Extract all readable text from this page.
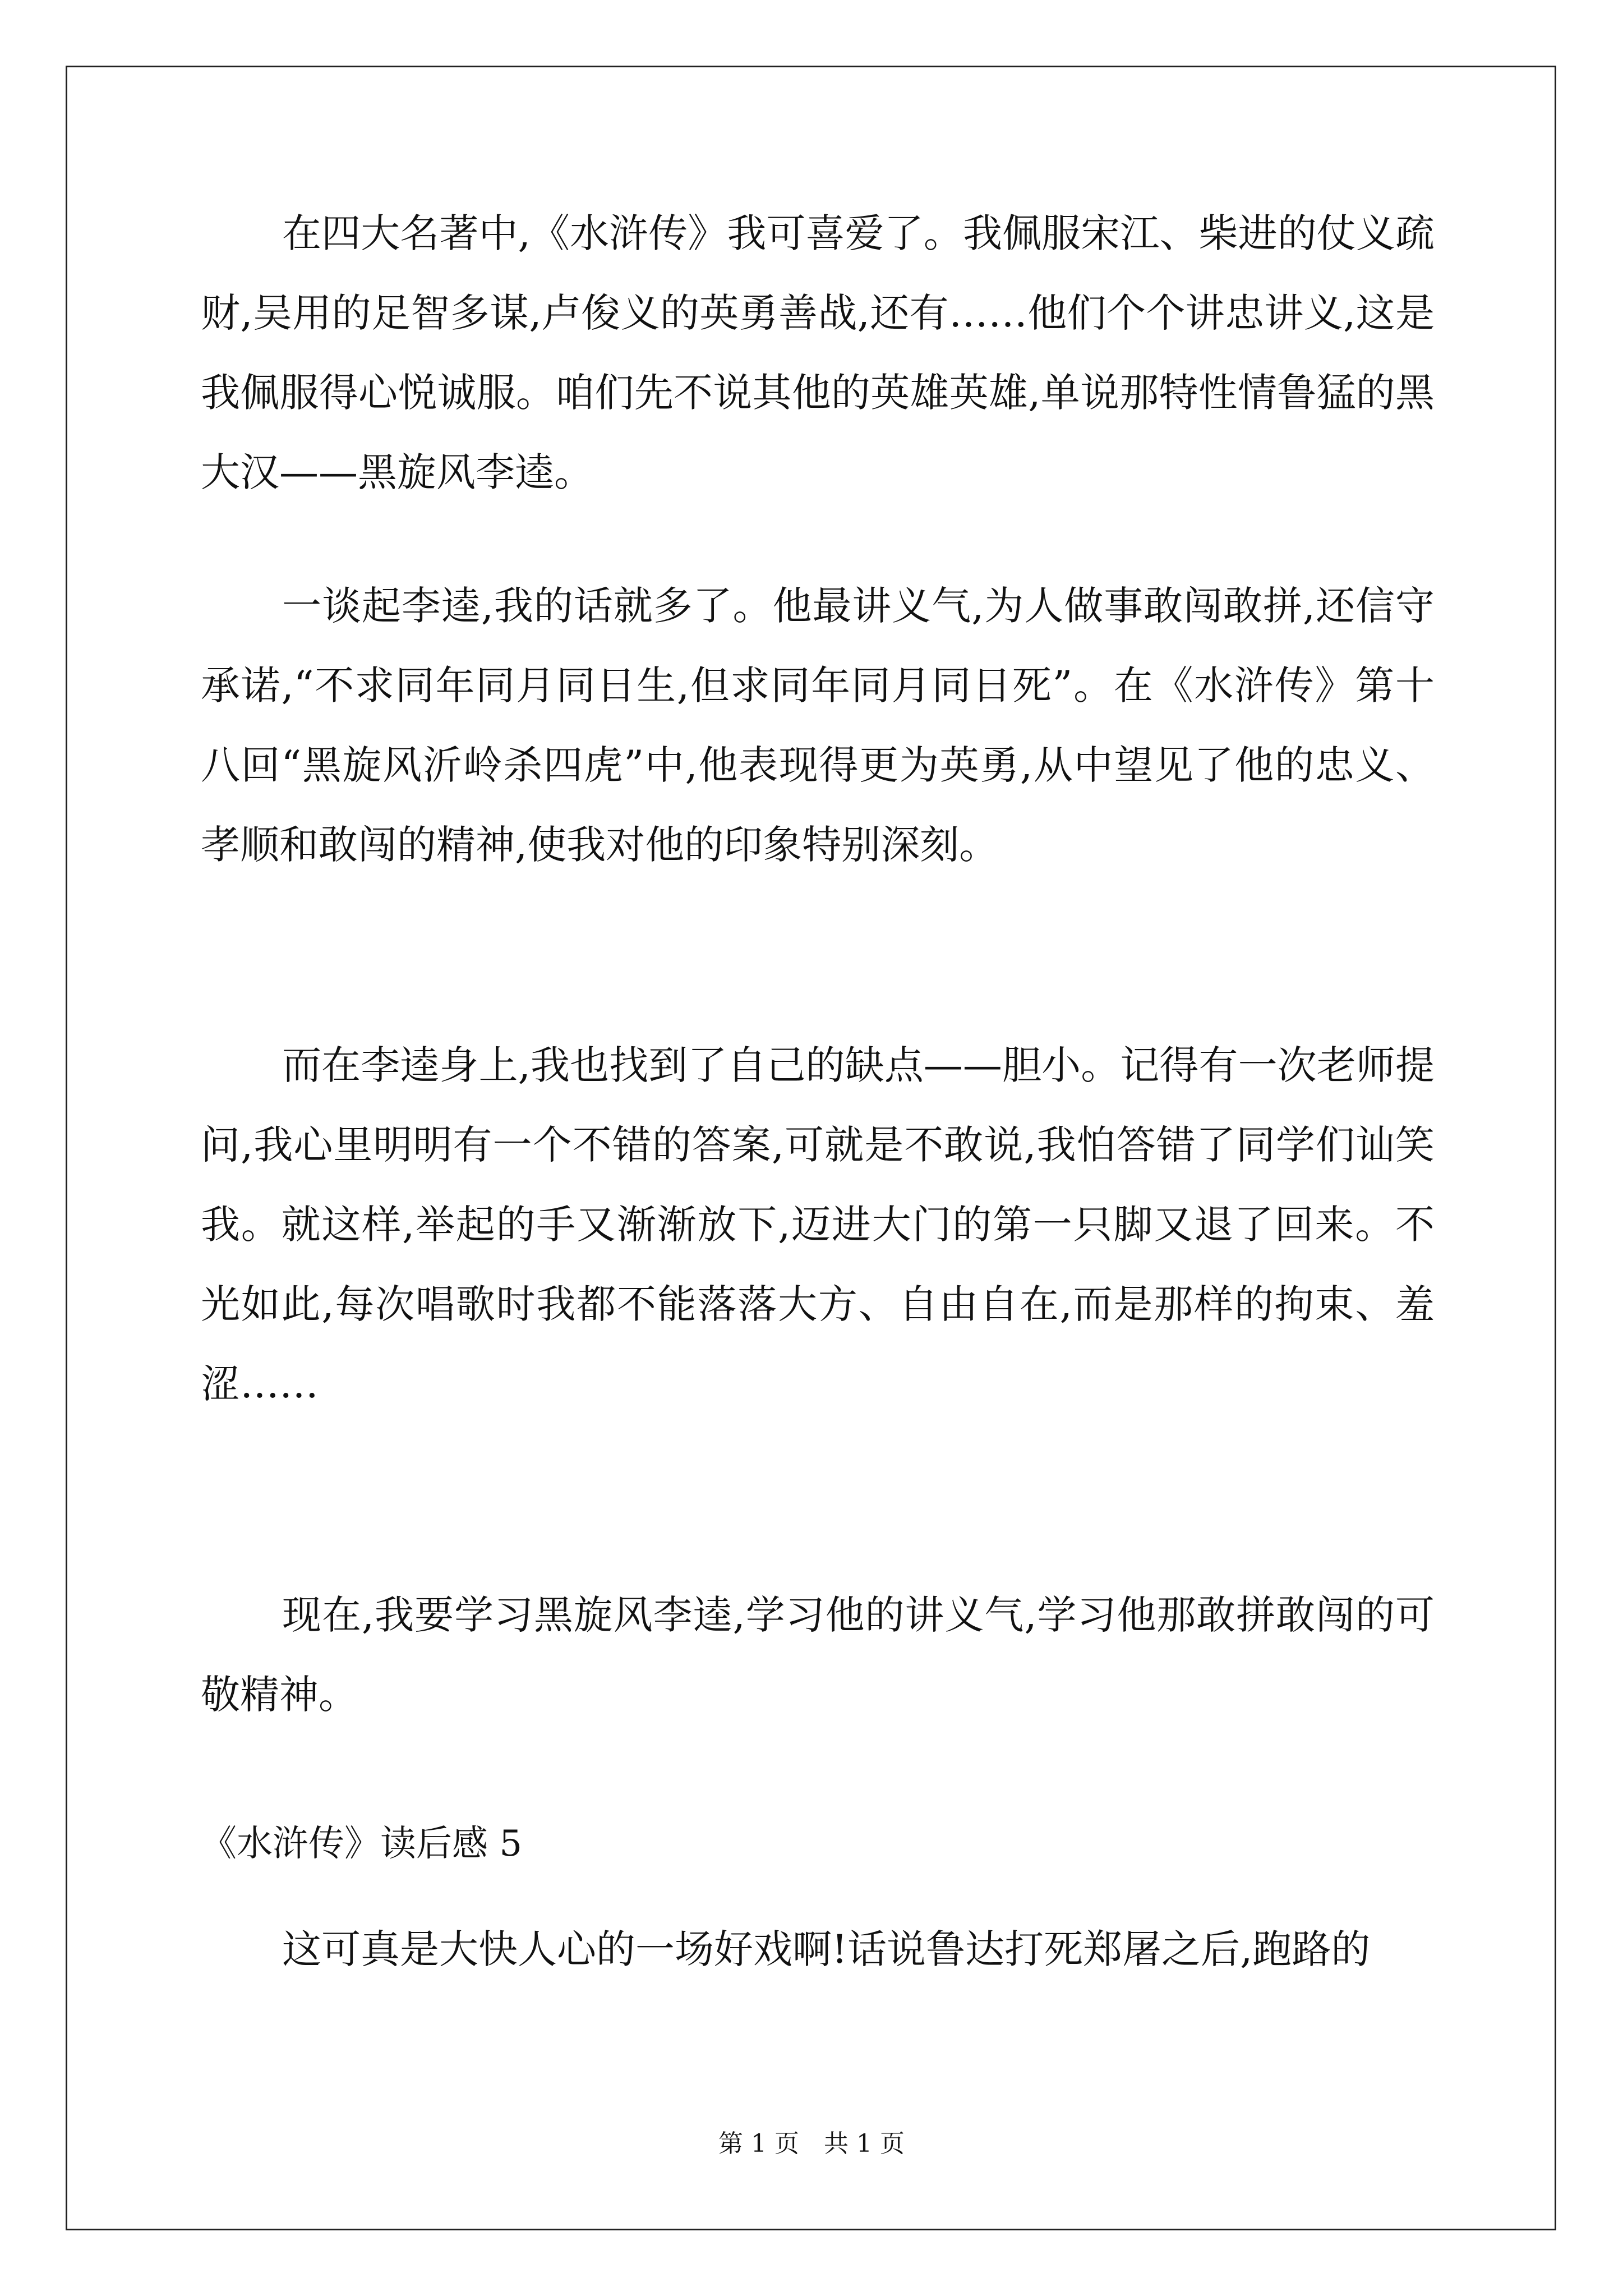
在四大名著中,《水浒传》我可喜爱了。我佩服宋江、柴进的仗义疏财,吴用的足智多谋,卢俊义的英勇善战,还有……他们个个讲忠讲义,这是我佩服得心悦诚服。咱们先不说其他的英雄英雄,单说那特性情鲁猛的黑大汉——黑旋风李逵。

一谈起李逵,我的话就多了。他最讲义气,为人做事敢闯敢拼,还信守承诺,“不求同年同月同日生,但求同年同月同日死”。在《水浒传》第十八回“黑旋风沂岭杀四虎”中,他表现得更为英勇,从中望见了他的忠义、孝顺和敢闯的精神,使我对他的印象特别深刻。

而在李逵身上,我也找到了自己的缺点——胆小。记得有一次老师提问,我心里明明有一个不错的答案,可就是不敢说,我怕答错了同学们讪笑我。就这样,举起的手又渐渐放下,迈进大门的第一只脚又退了回来。不光如此,每次唱歌时我都不能落落大方、自由自在,而是那样的拘束、羞涩……

现在,我要学习黑旋风李逵,学习他的讲义气,学习他那敢拼敢闯的可敬精神。

《水浒传》读后感 5

这可真是大快人心的一场好戏啊!话说鲁达打死郑屠之后,跑路的

第 1 页　共 1 页
